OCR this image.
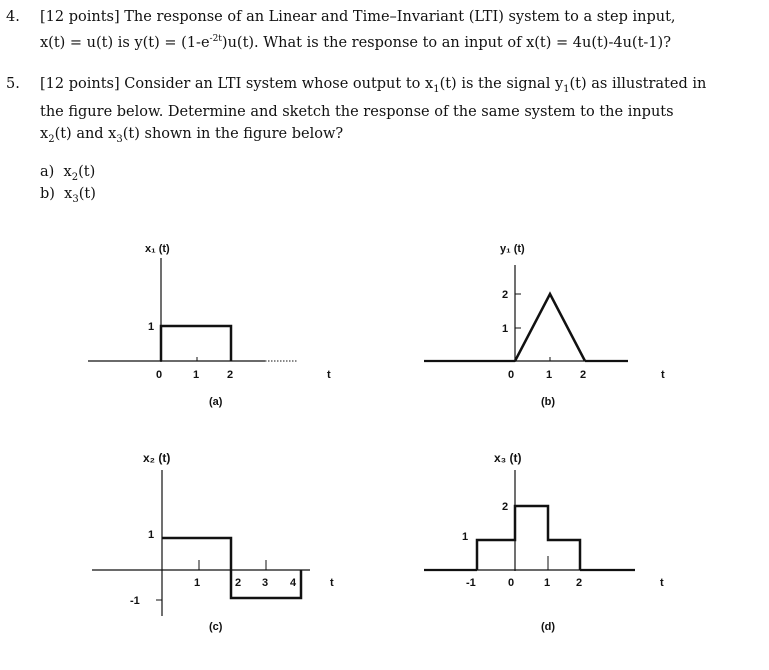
4. [12 points] The response of an Linear and Time–Invariant (LTI) system to a step input,
x(t) = u(t) is $y(t) = (1-e^{-2t})u(t)$. What is the response to an input of x(t) = 4u(t)-4u(t-1)?
5. [12 points] Consider an LTI system whose output to $x_1(t)$ is the signal $y_1(t)$ as illustrated in
the figure below. Determine and sketch the response of the same system to the inputs
$x_2(t)$ and $x_3(t)$ shown in the figure below?
a) $x_2(t)$
b) $x_3(t)$
x₁ (t)
1
0	1	2	t
(a)
y₁ (t)
2
1
0	1	2	t
(b)
x₂ (t)
1
-1
1	2 3 4	t
(c)
x₃ (t)
1
2
-1	0	1 2	t
(d)
